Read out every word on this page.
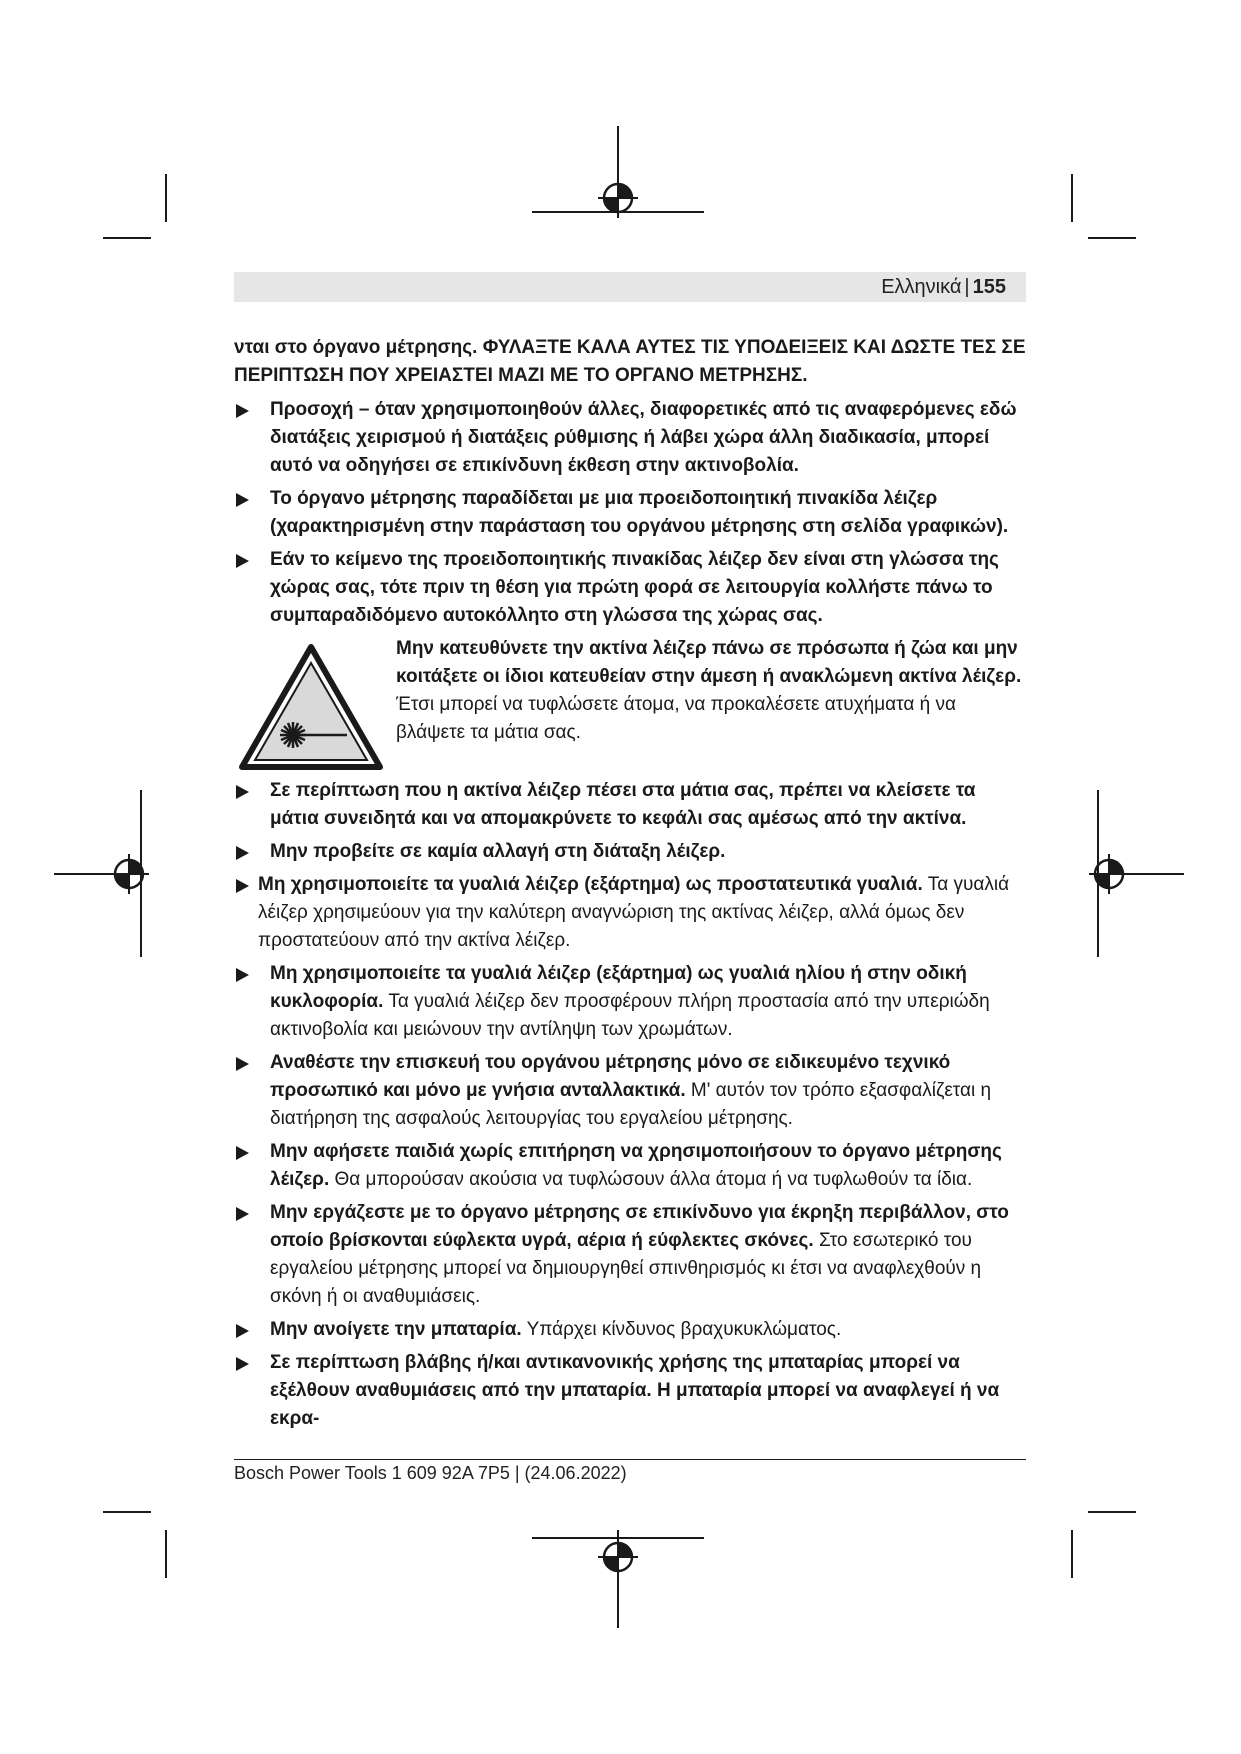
Ελληνικά | 155

νται στο όργανο μέτρησης. ΦΥΛΑΞΤΕ ΚΑΛΑ ΑΥΤΕΣ ΤΙΣ ΥΠΟΔΕΙΞΕΙΣ ΚΑΙ ΔΩΣΤΕ ΤΕΣ ΣΕ ΠΕΡΙΠΤΩΣΗ ΠΟΥ ΧΡΕΙΑΣΤΕΙ ΜΑΖΙ ΜΕ ΤΟ ΟΡΓΑΝΟ ΜΕΤΡΗΣΗΣ.

Προσοχή – όταν χρησιμοποιηθούν άλλες, διαφορετικές από τις αναφερόμενες εδώ διατάξεις χειρισμού ή διατάξεις ρύθμισης ή λάβει χώρα άλλη διαδικασία, μπορεί αυτό να οδηγήσει σε επικίνδυνη έκθεση στην ακτινοβολία.

Το όργανο μέτρησης παραδίδεται με μια προειδοποιητική πινακίδα λέιζερ (χαρακτηρισμένη στην παράσταση του οργάνου μέτρησης στη σελίδα γραφικών).

Εάν το κείμενο της προειδοποιητικής πινακίδας λέιζερ δεν είναι στη γλώσσα της χώρας σας, τότε πριν τη θέση για πρώτη φορά σε λειτουργία κολλήστε πάνω το συμπαραδιδόμενο αυτοκόλλητο στη γλώσσα της χώρας σας.

Μην κατευθύνετε την ακτίνα λέιζερ πάνω σε πρόσωπα ή ζώα και μην κοιτάξετε οι ίδιοι κατευθείαν στην άμεση ή ανακλώμενη ακτίνα λέιζερ. Έτσι μπορεί να τυφλώσετε άτομα, να προκαλέσετε ατυχήματα ή να βλάψετε τα μάτια σας.

Σε περίπτωση που η ακτίνα λέιζερ πέσει στα μάτια σας, πρέπει να κλείσετε τα μάτια συνειδητά και να απομακρύνετε το κεφάλι σας αμέσως από την ακτίνα.

Μην προβείτε σε καμία αλλαγή στη διάταξη λέιζερ.

Μη χρησιμοποιείτε τα γυαλιά λέιζερ (εξάρτημα) ως προστατευτικά γυαλιά. Τα γυαλιά λέιζερ χρησιμεύουν για την καλύτερη αναγνώριση της ακτίνας λέιζερ, αλλά όμως δεν προστατεύουν από την ακτίνα λέιζερ.

Μη χρησιμοποιείτε τα γυαλιά λέιζερ (εξάρτημα) ως γυαλιά ηλίου ή στην οδική κυκλοφορία. Τα γυαλιά λέιζερ δεν προσφέρουν πλήρη προστασία από την υπεριώδη ακτινοβολία και μειώνουν την αντίληψη των χρωμάτων.

Αναθέστε την επισκευή του οργάνου μέτρησης μόνο σε ειδικευμένο τεχνικό προσωπικό και μόνο με γνήσια ανταλλακτικά. Μ' αυτόν τον τρόπο εξασφαλίζεται η διατήρηση της ασφαλούς λειτουργίας του εργαλείου μέτρησης.

Μην αφήσετε παιδιά χωρίς επιτήρηση να χρησιμοποιήσουν το όργανο μέτρησης λέιζερ. Θα μπορούσαν ακούσια να τυφλώσουν άλλα άτομα ή να τυφλωθούν τα ίδια.

Μην εργάζεστε με το όργανο μέτρησης σε επικίνδυνο για έκρηξη περιβάλλον, στο οποίο βρίσκονται εύφλεκτα υγρά, αέρια ή εύφλεκτες σκόνες. Στο εσωτερικό του εργαλείου μέτρησης μπορεί να δημιουργηθεί σπινθηρισμός κι έτσι να αναφλεχθούν η σκόνη ή οι αναθυμιάσεις.

Μην ανοίγετε την μπαταρία. Υπάρχει κίνδυνος βραχυκυκλώματος.

Σε περίπτωση βλάβης ή/και αντικανονικής χρήσης της μπαταρίας μπορεί να εξέλθουν αναθυμιάσεις από την μπαταρία. Η μπαταρία μπορεί να αναφλεγεί ή να εκρα-

Bosch Power Tools 1 609 92A 7P5 | (24.06.2022)
